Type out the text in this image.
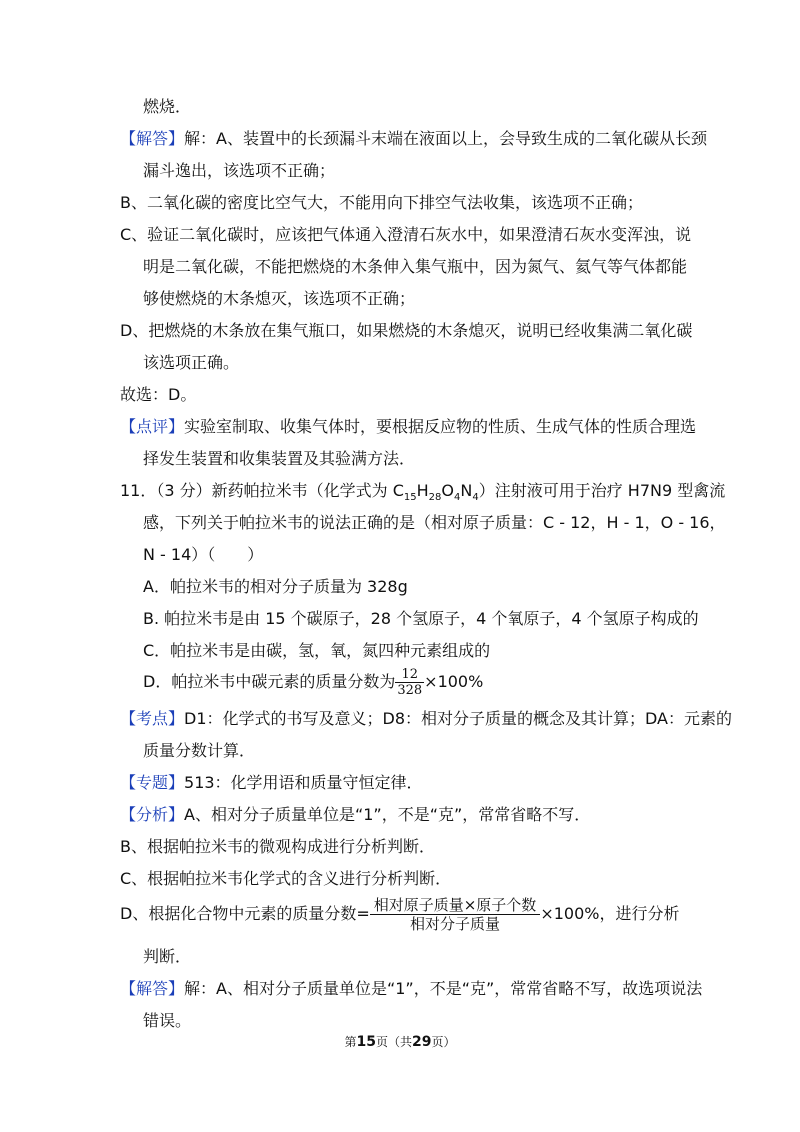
燃烧．
【解答】解：A、装置中的长颈漏斗末端在液面以上，会导致生成的二氧化碳从长颈
漏斗逸出，该选项不正确；
B、二氧化碳的密度比空气大，不能用向下排空气法收集，该选项不正确；
C、验证二氧化碳时，应该把气体通入澄清石灰水中，如果澄清石灰水变浑浊，说
明是二氧化碳，不能把燃烧的木条伸入集气瓶中，因为氮气、氦气等气体都能
够使燃烧的木条熄灭，该选项不正确；
D、把燃烧的木条放在集气瓶口，如果燃烧的木条熄灭，说明已经收集满二氧化碳
该选项正确。
故选：D。
【点评】实验室制取、收集气体时，要根据反应物的性质、生成气体的性质合理选
择发生装置和收集装置及其验满方法．
11．（3 分）新药帕拉米韦（化学式为 $C_{15}H_{28}O_4N_4$）注射液可用于治疗 H7N9 型禽流
感，下列关于帕拉米韦的说法正确的是（相对原子质量：C - 12，H - 1，O - 16，
N - 14）（　　）
A．帕拉米韦的相对分子质量为 328g
B. 帕拉米韦是由 15 个碳原子，28 个氢原子，4 个氧原子，4 个氢原子构成的
C．帕拉米韦是由碳，氢，氧，氮四种元素组成的
D．帕拉米韦中碳元素的质量分数为 $\frac{12}{328} \times 100\%$
【考点】D1：化学式的书写及意义；D8：相对分子质量的概念及其计算；DA：元素的
质量分数计算．
【专题】513：化学用语和质量守恒定律．
【分析】A、相对分子质量单位是“1”，不是“克”，常常省略不写．
B、根据帕拉米韦的微观构成进行分析判断．
C、根据帕拉米韦化学式的含义进行分析判断．
D、根据化合物中元素的质量分数= $\frac{\text{相对原子质量×原子个数}}{\text{相对分子质量}} \times 100\%$，进行分析
判断．
【解答】解：A、相对分子质量单位是“1”，不是“克”，常常省略不写，故选项说法
错误。
第15页（共29页）
